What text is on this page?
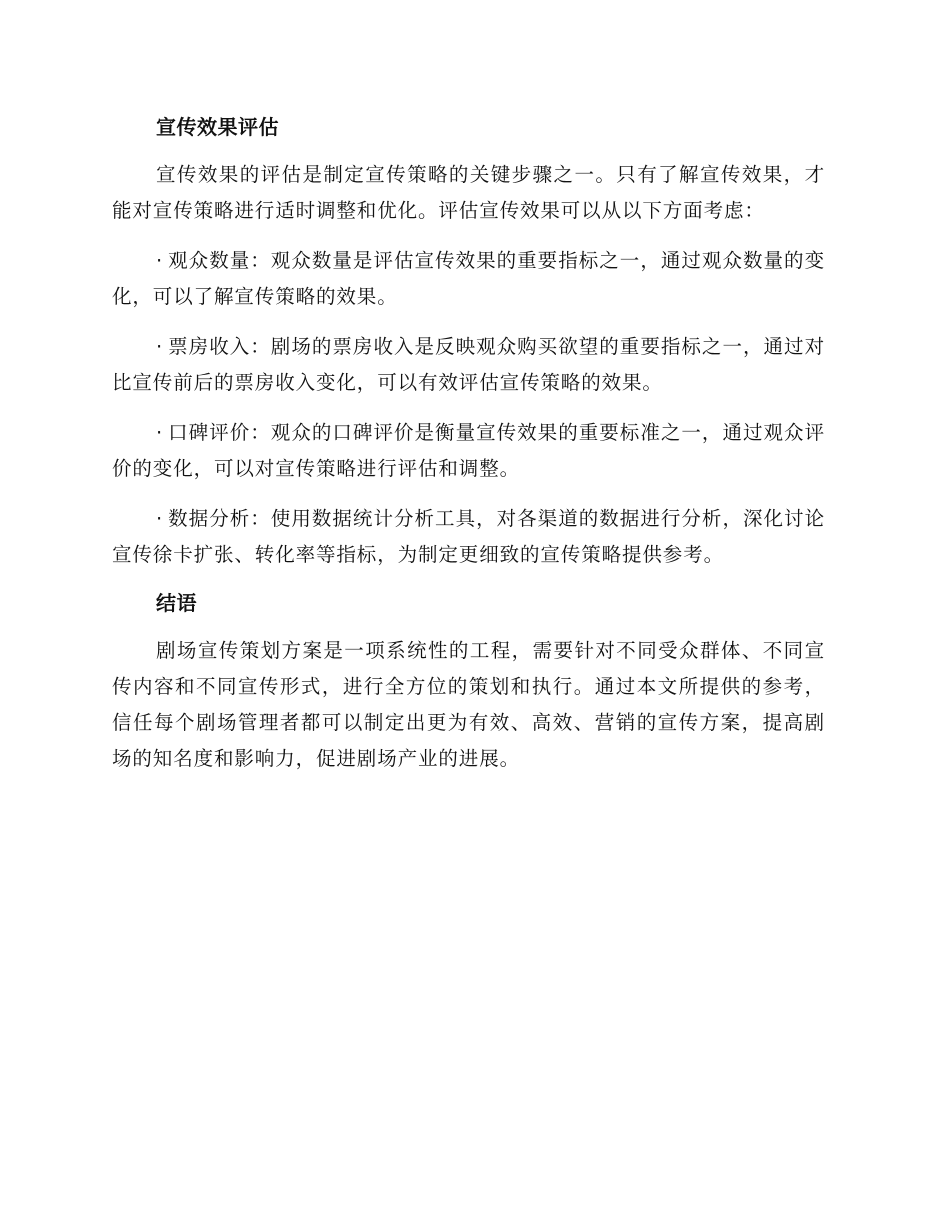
宣传效果评估

宣传效果的评估是制定宣传策略的关键步骤之一。只有了解宣传效果，才能对宣传策略进行适时调整和优化。评估宣传效果可以从以下方面考虑：

· 观众数量：观众数量是评估宣传效果的重要指标之一，通过观众数量的变化，可以了解宣传策略的效果。

· 票房收入：剧场的票房收入是反映观众购买欲望的重要指标之一，通过对比宣传前后的票房收入变化，可以有效评估宣传策略的效果。

· 口碑评价：观众的口碑评价是衡量宣传效果的重要标准之一，通过观众评价的变化，可以对宣传策略进行评估和调整。

· 数据分析：使用数据统计分析工具，对各渠道的数据进行分析，深化讨论宣传徐卡扩张、转化率等指标，为制定更细致的宣传策略提供参考。

结语

剧场宣传策划方案是一项系统性的工程，需要针对不同受众群体、不同宣传内容和不同宣传形式，进行全方位的策划和执行。通过本文所提供的参考，信任每个剧场管理者都可以制定出更为有效、高效、营销的宣传方案，提高剧场的知名度和影响力，促进剧场产业的进展。
